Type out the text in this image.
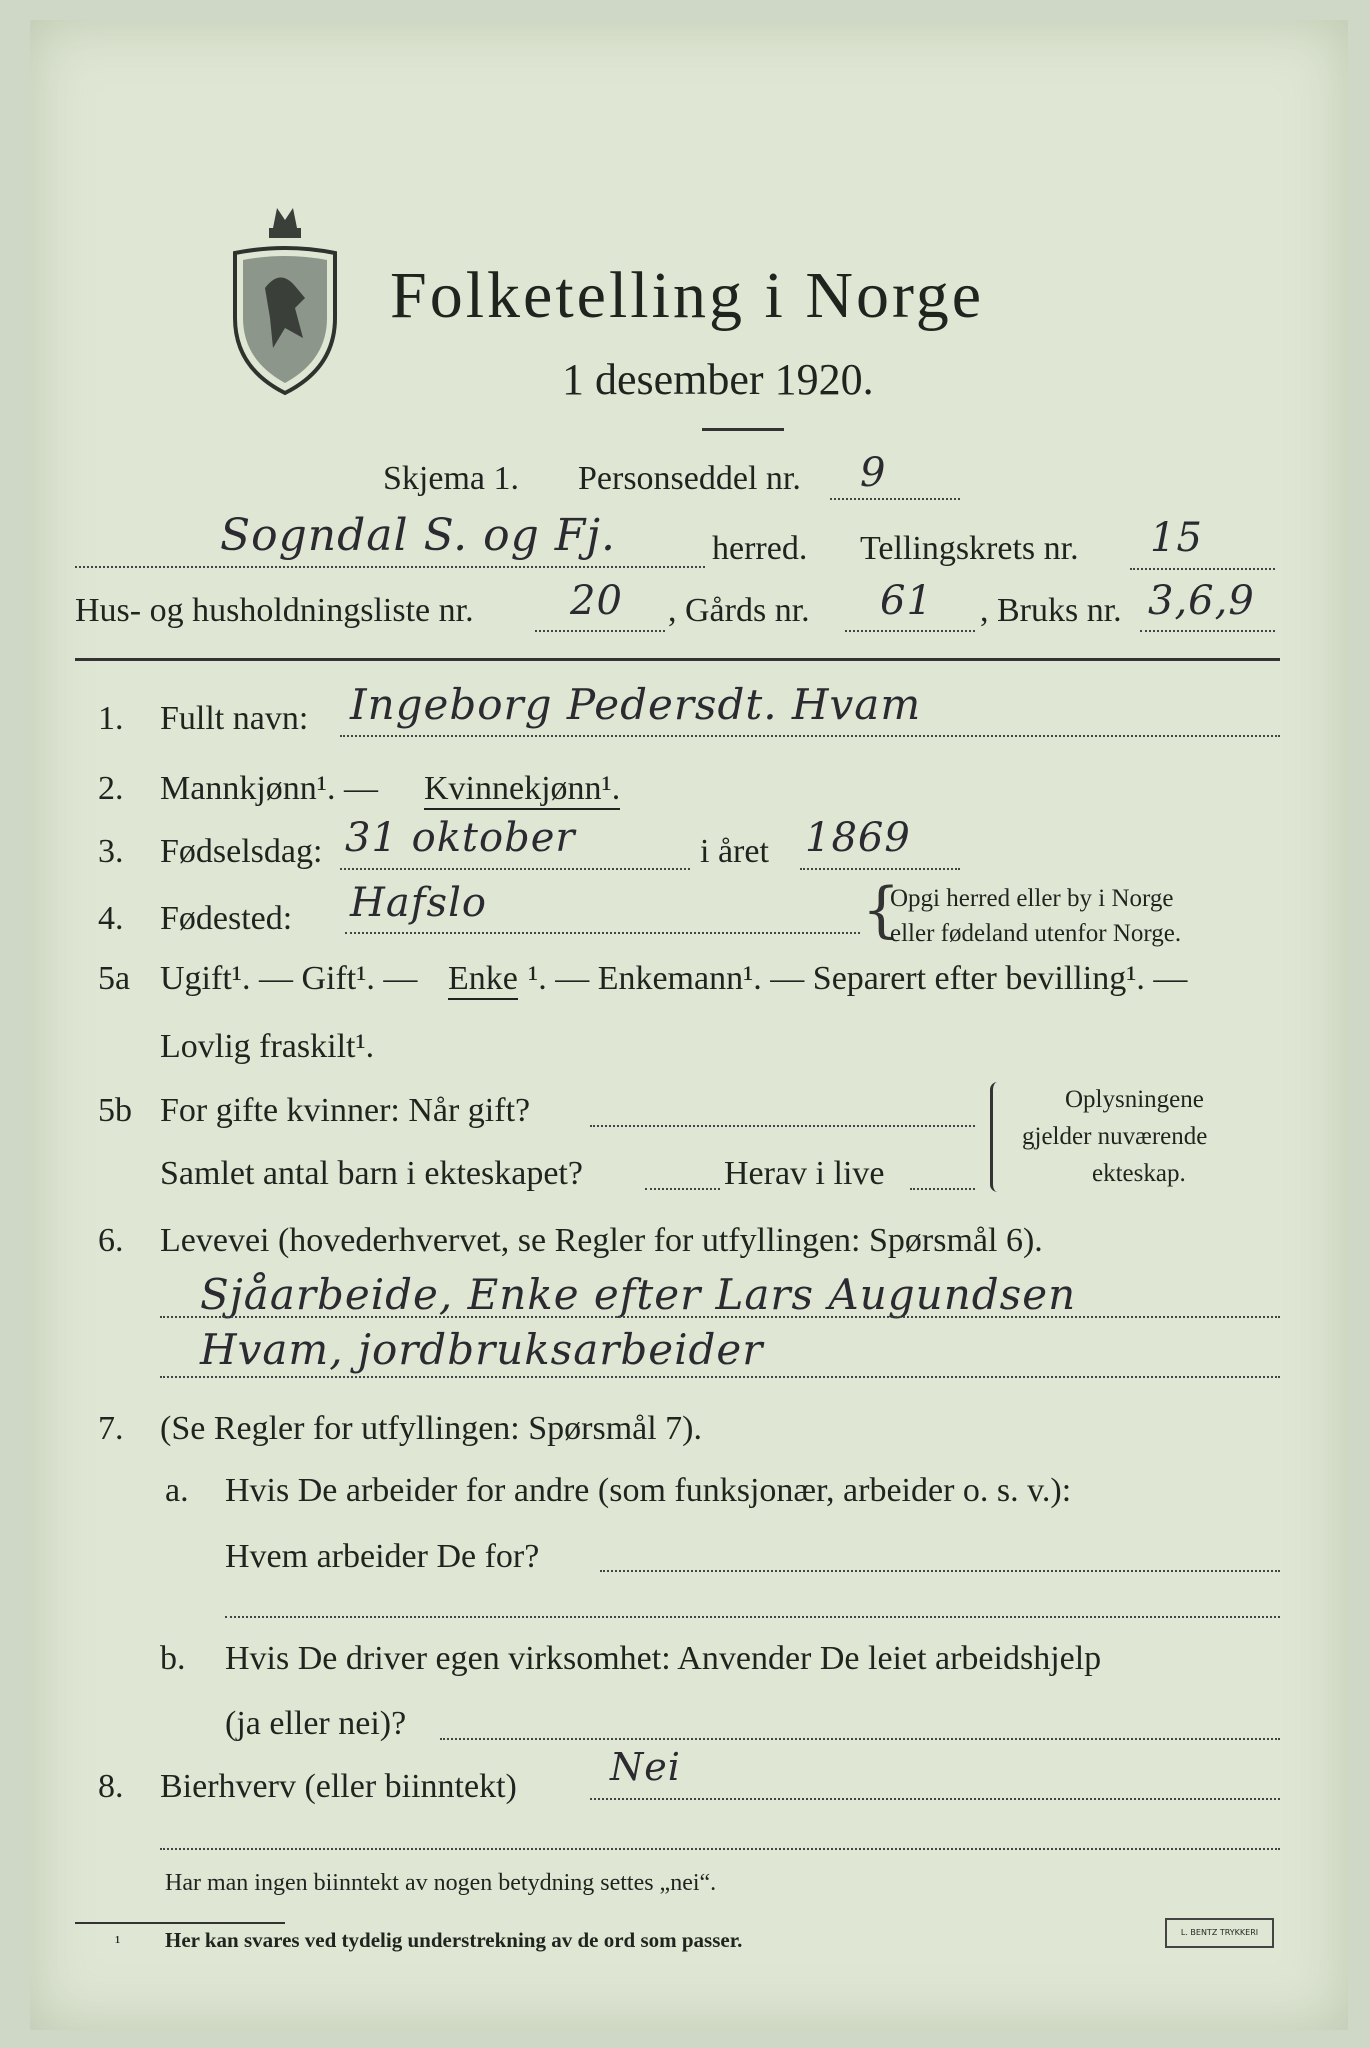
Folketelling i Norge
1 desember 1920.
Skjema 1. Personseddel nr. 9
Sogndal S. og Fj.	herred. Tellingskrets nr. 15
Hus- og husholdningsliste nr. 20 , Gårds nr. 61 , Bruks nr. 3,6,9
1. Fullt navn: Ingeborg Pedersdt. Hvam
2. Mannkjønn¹. — Kvinnekjønn¹.
3. Fødselsdag: 31 oktober	i året 1869
4. Fødested: Hafslo	{
Opgi herred eller by i Norge
eller fødeland utenfor Norge.
5a Ugift¹. — Gift¹. — Enke ¹. — Enkemann¹. — Separert efter bevilling¹. —
Lovlig fraskilt¹.
5b For gifte kvinner: Når gift?
Samlet antal barn i ekteskapet?	Herav i live
Oplysningene
gjelder nuværende
ekteskap.
6. Levevei (hovederhvervet, se Regler for utfyllingen: Spørsmål 6).
Sjåarbeide, Enke efter Lars Augundsen
Hvam, jordbruksarbeider
7. (Se Regler for utfyllingen: Spørsmål 7).
a. Hvis De arbeider for andre (som funksjonær, arbeider o. s. v.):
Hvem arbeider De for?
b. Hvis De driver egen virksomhet: Anvender De leiet arbeidshjelp
(ja eller nei)?
8. Bierhverv (eller biinntekt) Nei
Har man ingen biinntekt av nogen betydning settes „nei“.
¹ Her kan svares ved tydelig understrekning av de ord som passer.	L. BENTZ TRYKKERI
